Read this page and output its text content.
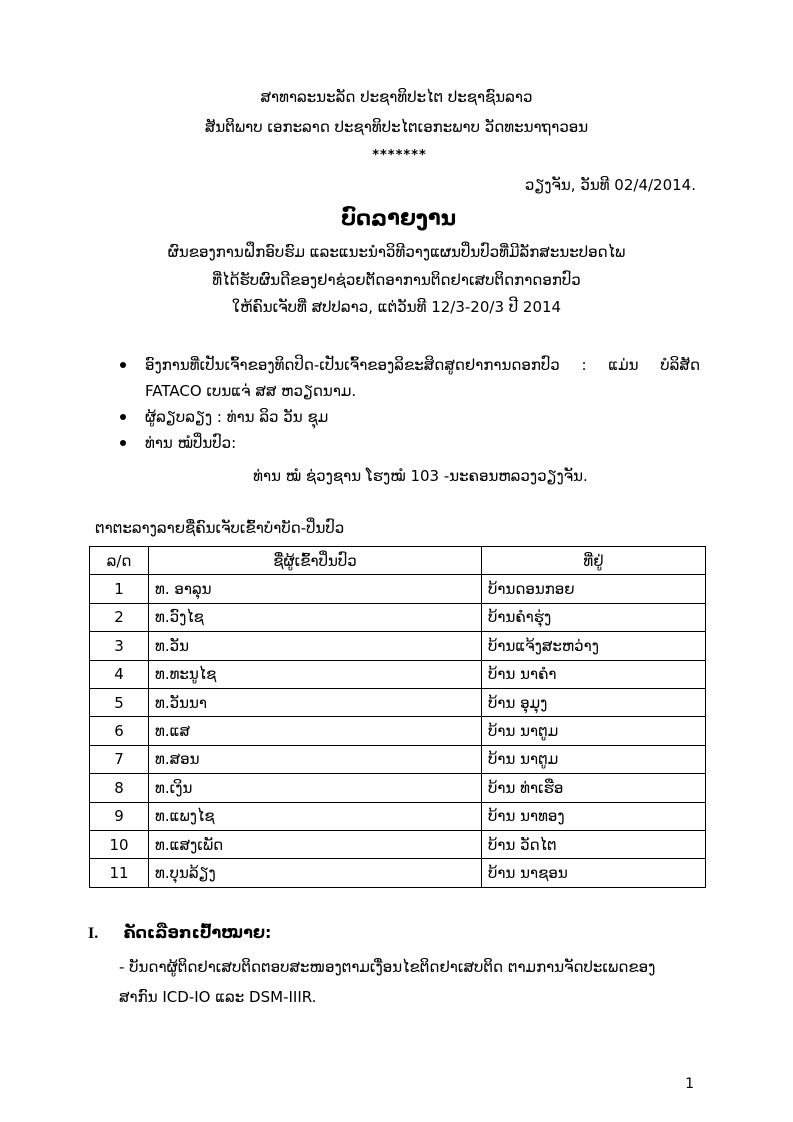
ສາທາລະນະລັດ ປະຊາທິປະໄຕ ປະຊາຊົນລາວ
ສັນຕິພາບ ເອກະລາດ ປະຊາທິປະໄຕເອກະພາບ ວັດທະນາຖາວອນ
*******
ວຽງຈັນ, ວັນທີ 02/4/2014.
ບົດລາຍງານ
ຜົນຂອງການຝຶກອົບຮົມ ແລະແນະນຳວິທີວາງແຜນປິ່ນປົວທີ່ມີລັກສະນະປອດໄພ
ທີ່ໄດ້ຮັບຜົນດີຂອງຢາຊ່ວຍຕັດອາການຕິດຢາເສບຕິດກາດອກປົວ
ໃຫ້ຄົນເຈັບທີ່ ສປປລາວ, ແຕ່ວັນທີ 12/3-20/3 ປີ 2014
ອົງການທີ່ເປັນເຈົ້າຂອງທິດປິດ-ເປັນເຈົ້າຂອງລິຂະສິດສູດຢາການດອກປົວ : ແມ່ນ ບໍລິສັດ
FATACO ເບນແຈ່ ສສ ຫວຽດນາມ.
ຜູ້ລຽບລຽງ : ທ່ານ ລິວ ວັນ ຊຸມ
ທ່ານ ໝໍປິ່ນປົວ:
ທ່ານ ໝໍ ຊ່ວງຊານ ໂຮງໝໍ 103 -ນະຄອນຫລວງວຽງຈັນ.
ຕາຕະລາງລາຍຊື່ຄົນເຈັບເຂົ້າບຳບັດ-ປິ່ນປົວ
ລ/ດ	ຊື່ຜູ້ເຂົ້າປິ່ນປົວ	ທີ່ຢູ່
1	ທ. ອາລຸນ	ບ້ານດອນກອຍ
2	ທ.ວົງໄຊ	ບ້ານຄຳຮຸ່ງ
3	ທ.ວັນ	ບ້ານແຈ້ງສະຫວ່າງ
4	ທ.ທະນູໄຊ	ບ້ານ ນາຄຳ
5	ທ.ວັນນາ	ບ້ານ ອຸມຸງ
6	ທ.ແສ	ບ້ານ ນາຕູມ
7	ທ.ສອນ	ບ້ານ ນາຕູມ
8	ທ.ເງິນ	ບ້ານ ທ່າເຮືອ
9	ທ.ແພງໄຊ	ບ້ານ ນາທອງ
10	ທ.ແສງເພັດ	ບ້ານ ວັດໄຕ
11	ທ.ບຸນລ້ຽງ	ບ້ານ ນາຊອນ
I. ຄັດເລືອກເປົ້າໝາຍ:
- ບັນດາຜູ້ຕິດຢາເສບຕິດຕອບສະໜອງຕາມເງື່ອນໄຂຕິດຢາເສບຕິດ ຕາມການຈັດປະເພດຂອງ
ສາກົນ ICD-IO ແລະ DSM-IIIR.
1
